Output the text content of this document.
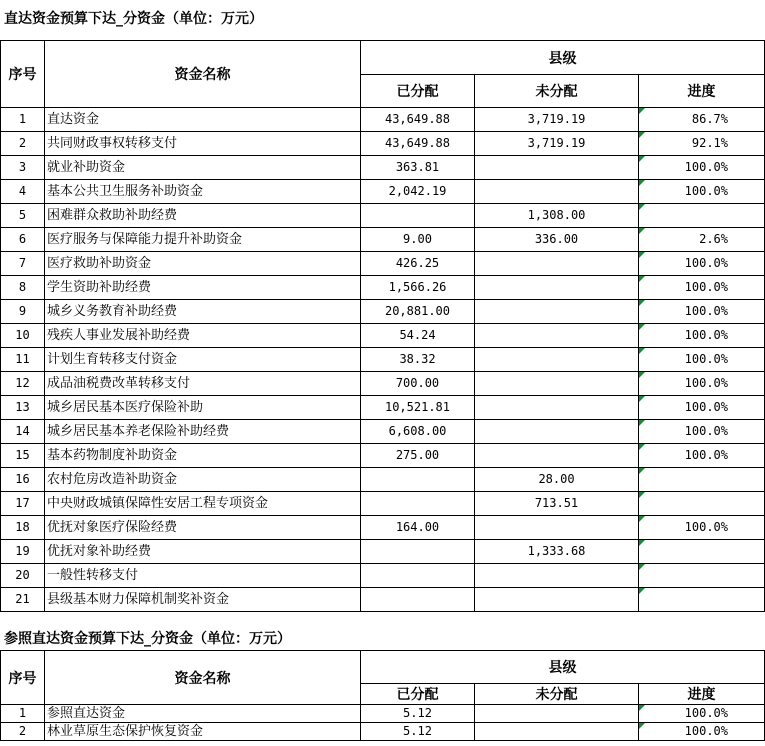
直达资金预算下达_分资金（单位：万元）
序号	资金名称	县级		
		已分配	未分配	进度
1	直达资金	43,649.88	3,719.19	86.7%
2	共同财政事权转移支付	43,649.88	3,719.19	92.1%
3	就业补助资金	363.81		100.0%
4	基本公共卫生服务补助资金	2,042.19		100.0%
5	困难群众救助补助经费		1,308.00	

6	医疗服务与保障能力提升补助资金	9.00	336.00	2.6%
7	医疗救助补助资金	426.25		100.0%
8	学生资助补助经费	1,566.26		100.0%
9	城乡义务教育补助经费	20,881.00		100.0%
10	残疾人事业发展补助经费	54.24		100.0%
11	计划生育转移支付资金	38.32		100.0%
12	成品油税费改革转移支付	700.00		100.0%
13	城乡居民基本医疗保险补助	10,521.81		100.0%
14	城乡居民基本养老保险补助经费	6,608.00		100.0%
15	基本药物制度补助资金	275.00		100.0%
16	农村危房改造补助资金		28.00	

17	中央财政城镇保障性安居工程专项资金		713.51	

18	优抚对象医疗保险经费	164.00		100.0%
19	优抚对象补助经费		1,333.68	

20	一般性转移支付			

21	县级基本财力保障机制奖补资金			
参照直达资金预算下达_分资金（单位：万元）
序号	资金名称	县级		
		已分配	未分配	进度
1	参照直达资金	5.12		100.0%
2	林业草原生态保护恢复资金	5.12		100.0%
